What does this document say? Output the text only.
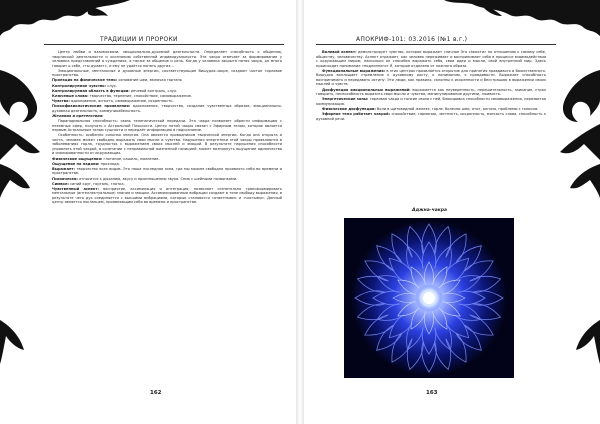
ТРАДИЦИИ И ПРОРОКИ

Центр любви и взаимосвязи, эмоционально-духовной деятельности. Определяет способность к общению, творческой деятельности и осознанию собственной индивидуальности. Эта чакра отвечает за формирование у человека представлений о суждениях, а также за общение и речь. Когда у человека закрыта пятая чакра, он много говорит о себе, «ты думает», и ему не удаётся понять других...

Эмоциональные, ментальные и духовные энергии, соответствующие Вишудха-чакре, создают чистое горловое пространство.

Проекция на физическое тело: основание шеи, включая гортань

Контролируемое чувство: слух.

Контролируемая область в функции: речевой контроль, слух.

Ключевые слова: творчество, терпение, спокойствие, самовыражение.

Чувство: вдохновение, ясность, самовыражение, искренность.

Психофизиологические проявления: вдохновение, творчество, создание чувственных образов, эмоционально-духовная деятельность, коммуникабельность.

Желания и претенствия:

Паранормальная способность: связь телепатической передачи. Эта чакра позволяет обрести информацию с неземных сфер, получать с Астральной Плоскости. Центр пятой чакры связан с Эфирным телом, которое является первым Астральным телом сущности и передаёт информацию в подсознание.

Особенность: особенно сильная энергия. Она является проводником творческой энергии. Когда она открыта и чиста, человек может свободно выражать свои мысли и чувства. Нарушения энергетики этой чакры проявляются в заболеваниях горла, трудностях с выражением своих мыслей и эмоций. В результате нарушения способности управлять этой чакрой, в сочетании с неправильной жизненной позицией, может возникнуть ощущение одиночества и изолированности от окружающих.

Физические ощущения: глотание, кашель, ломление.

Ощущение на ладони: прохлада.

Выражает: творчество всех видов. Это наша последняя зона, где мы можем свободно проявлять себя во времени и пространстве.

Психически: относится к дыханию, вкусу и произношению звука. Семь с шейными позвонками.

Символ: синий круг, гортань, глотка.

Чувственный аспект: восприятие, ассимиляция и интеграция; позволяет сознательно трансформировать ментальные (интеллектуальные) знания и эмоции. Ассимилированные вибрации создают в теле свободу выражения, в результате чего дух соединяется с высшими вибрациями, которые становятся «ответными» и «чистыми». Данный центр является посланцем, проявляющим себя во времени и пространстве.

162
АПОКРИФ-101: 03.2016 (№1 в.г.)

Волевой аспект: демонстрирует чувство, которое выражает «личное Эго самости» по отношению к самому себе, обществу, человечеству. Аспект отражает, как человек переживает и воспринимает себя в процессе взаимодействия с окружающим миром, насколько он способен выражать себя, свои идеи и мысли, свой внутренний мир. Здесь происходит понимание «подлинного» Я, которое отделено от ложного образа.

Функциональные выражения: в этих центрах проявляется открытие для принятия правдивого и божественного. Вишудха воплощает стремление к духовному росту, к пониманию, к правдивости. Выражает способность воспринимать и передавать истину. Эти люди, как правило, склонны к искренности и бесстрашию в выражении своих мыслей и чувств.

Дисфункция эмоциональных выражений: выражается как неуверенность, нерешительность, заикание, страх говорить, неспособность выразить свои мысли и чувства, манипулирование другими, лживость.

Энергетические зоны: горловая чакра и тонкие связи с ней, блокировка способности самовыражения, неразвитая коммуникация.

Физические дисфункции: боли в щитовидной железе, горле, болезни шеи, отит, ангина, проблемы с голосом.

Эфирное тело работает чакрой: спокойствие, гармония, честность, искренность, мягкость слова, способность к духовной речи.

Аджна-чакра
163
